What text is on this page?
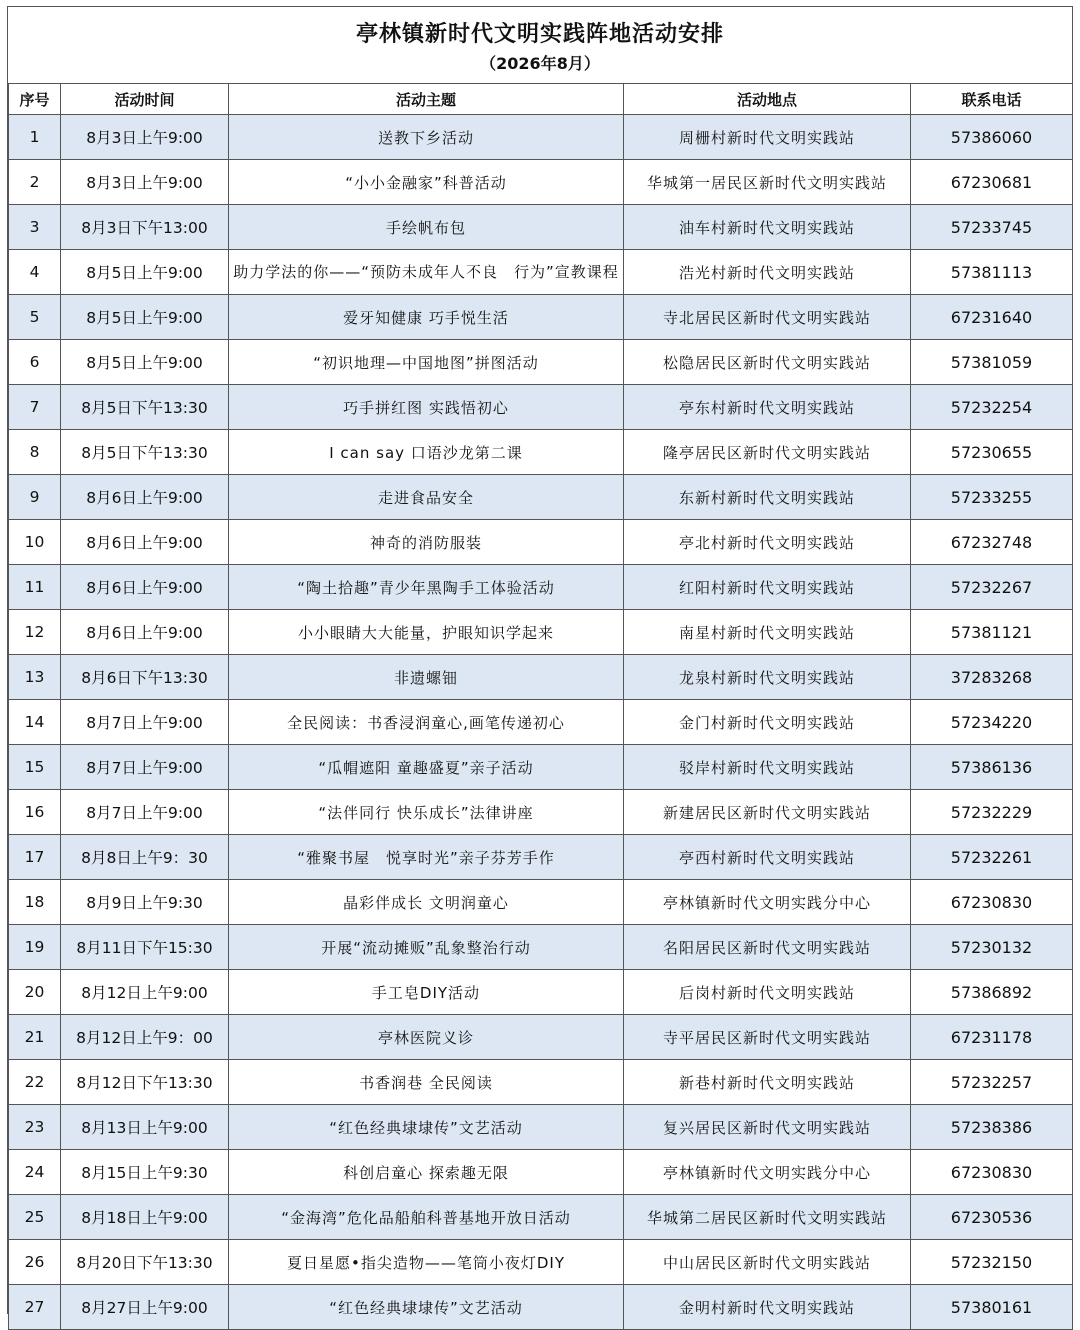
亭林镇新时代文明实践阵地活动安排
（2026年8月）
序号	活动时间	活动主题	活动地点	联系电话
1	8月3日上午9:00	送教下乡活动	周栅村新时代文明实践站	57386060
2	8月3日上午9:00	“小小金融家”科普活动	华城第一居民区新时代文明实践站	67230681
3	8月3日下午13:00	手绘帆布包	油车村新时代文明实践站	57233745
4	8月5日上午9:00	助力学法的你——“预防未成年人不良　行为”宣教课程	浩光村新时代文明实践站	57381113
5	8月5日上午9:00	爱牙知健康 巧手悦生活	寺北居民区新时代文明实践站	67231640
6	8月5日上午9:00	“初识地理—中国地图”拼图活动	松隐居民区新时代文明实践站	57381059
7	8月5日下午13:30	巧手拼红图 实践悟初心	亭东村新时代文明实践站	57232254
8	8月5日下午13:30	I can say 口语沙龙第二课	隆亭居民区新时代文明实践站	57230655
9	8月6日上午9:00	走进食品安全	东新村新时代文明实践站	57233255
10	8月6日上午9:00	神奇的消防服装	亭北村新时代文明实践站	67232748
11	8月6日上午9:00	“陶土拾趣”青少年黑陶手工体验活动	红阳村新时代文明实践站	57232267
12	8月6日上午9:00	小小眼睛大大能量，护眼知识学起来	南星村新时代文明实践站	57381121
13	8月6日下午13:30	非遗螺钿	龙泉村新时代文明实践站	37283268
14	8月7日上午9:00	全民阅读：书香浸润童心,画笔传递初心	金门村新时代文明实践站	57234220
15	8月7日上午9:00	“瓜帽遮阳 童趣盛夏”亲子活动	驳岸村新时代文明实践站	57386136
16	8月7日上午9:00	“法伴同行 快乐成长”法律讲座	新建居民区新时代文明实践站	57232229
17	8月8日上午9：30	“雅聚书屋　悦享时光”亲子芬芳手作	亭西村新时代文明实践站	57232261
18	8月9日上午9:30	晶彩伴成长 文明润童心	亭林镇新时代文明实践分中心	67230830
19	8月11日下午15:30	开展“流动摊贩”乱象整治行动	名阳居民区新时代文明实践站	57230132
20	8月12日上午9:00	手工皂DIY活动	后岗村新时代文明实践站	57386892
21	8月12日上午9：00	亭林医院义诊	寺平居民区新时代文明实践站	67231178
22	8月12日下午13:30	书香润巷 全民阅读	新巷村新时代文明实践站	57232257
23	8月13日上午9:00	“红色经典埭埭传”文艺活动	复兴居民区新时代文明实践站	57238386
24	8月15日上午9:30	科创启童心 探索趣无限	亭林镇新时代文明实践分中心	67230830
25	8月18日上午9:00	“金海湾”危化品船舶科普基地开放日活动	华城第二居民区新时代文明实践站	67230536
26	8月20日下午13:30	夏日星愿•指尖造物——笔筒小夜灯DIY	中山居民区新时代文明实践站	57232150
27	8月27日上午9:00	“红色经典埭埭传”文艺活动	金明村新时代文明实践站	57380161
